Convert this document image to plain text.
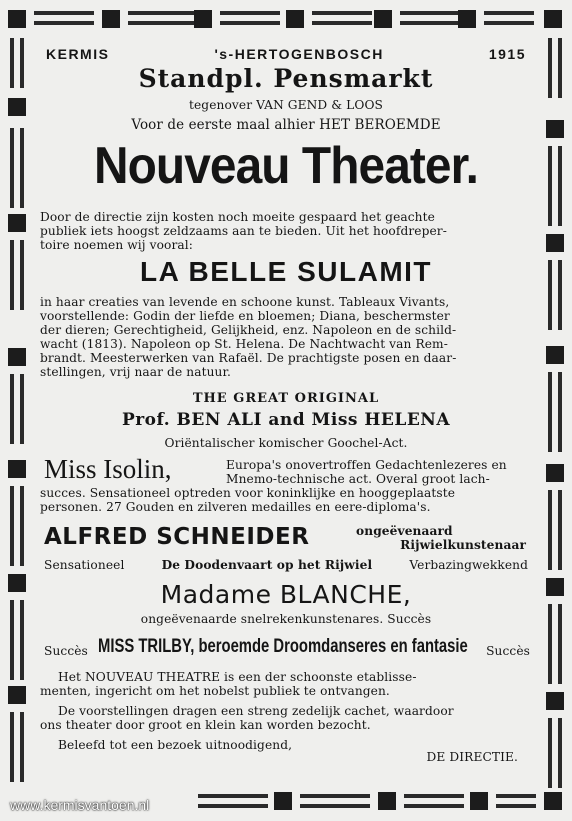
KERMIS	's-HERTOGENBOSCH	1915
Standpl. Pensmarkt
tegenover VAN GEND & LOOS
Voor de eerste maal alhier HET BEROEMDE
Nouveau Theater.
Door de directie zijn kosten noch moeite gespaard het geachte
publiek iets hoogst zeldzaams aan te bieden. Uit het hoofdreper-
toire noemen wij vooral:
LA BELLE SULAMIT
in haar creaties van levende en schoone kunst. Tableaux Vivants,
voorstellende: Godin der liefde en bloemen; Diana, beschermster
der dieren; Gerechtigheid, Gelijkheid, enz. Napoleon en de schild-
wacht (1813). Napoleon op St. Helena. De Nachtwacht van Rem-
brandt. Meesterwerken van Rafaël. De prachtigste posen en daar-
stellingen, vrij naar de natuur.
THE GREAT ORIGINAL
Prof. BEN ALI and Miss HELENA
Oriëntalischer komischer Goochel-Act.
Miss Isolin,	Europa's onovertroffen Gedachtenlezeres en
Mnemo-technische act. Overal groot lach-
succes. Sensationeel optreden voor koninklijke en hooggeplaatste
personen. 27 Gouden en zilveren medailles en eere-diploma's.
ALFRED SCHNEIDER	ongeëvenaard
Rijwielkunstenaar
Sensationeel	De Doodenvaart op het Rijwiel	Verbazingwekkend
Madame BLANCHE,
ongeëvenaarde snelrekenkunstenares. Succès
Succès MISS TRILBY, beroemde Droomdanseres en fantasie Succès
Het NOUVEAU THEATRE is een der schoonste etablisse-
menten, ingericht om het nobelst publiek te ontvangen.
De voorstellingen dragen een streng zedelijk cachet, waardoor
ons theater door groot en klein kan worden bezocht.
Beleefd tot een bezoek uitnoodigend,
DE DIRECTIE.
www.kermisvantoen.nl
